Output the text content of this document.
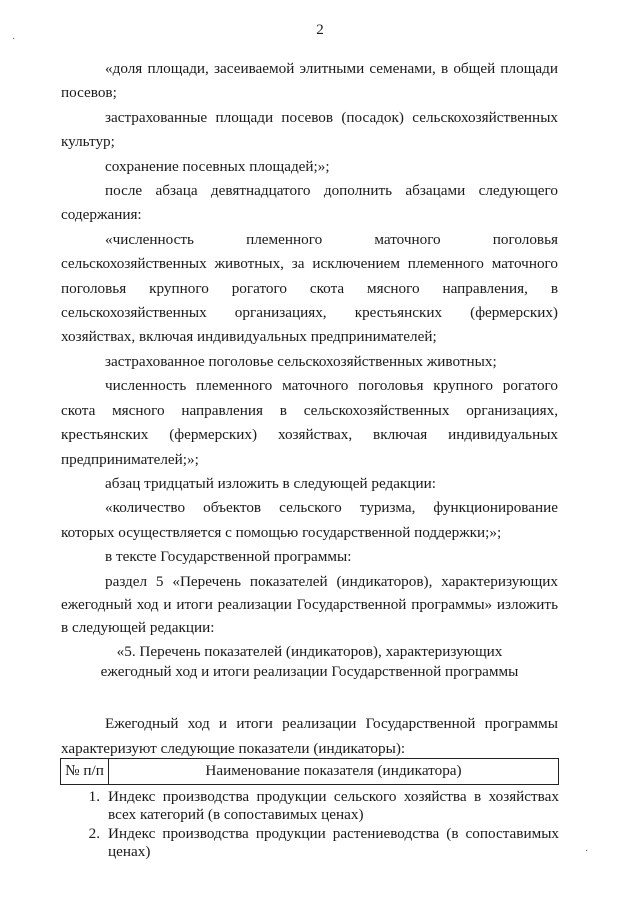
2
·
·

«доля площади, засеиваемой элитными семенами, в общей площади посевов;

застрахованные площади посевов (посадок) сельскохозяйственных культур;

сохранение посевных площадей;»;

после абзаца девятнадцатого дополнить абзацами следующего содержания:

«численность племенного маточного поголовья сельскохозяйственных животных, за исключением племенного маточного поголовья крупного рогатого скота мясного направления, в сельскохозяйственных организациях, крестьянских (фермерских) хозяйствах, включая индивидуальных предпринимателей;

застрахованное поголовье сельскохозяйственных животных;

численность племенного маточного поголовья крупного рогатого скота мясного направления в сельскохозяйственных организациях, крестьянских (фермерских) хозяйствах, включая индивидуальных предпринимателей;»;

абзац тридцатый изложить в следующей редакции:

«количество объектов сельского туризма, функционирование которых осуществляется с помощью государственной поддержки;»;

в тексте Государственной программы:

раздел 5 «Перечень показателей (индикаторов), характеризующих ежегодный ход и итоги реализации Государственной программы» изложить в следующей редакции:

«5. Перечень показателей (индикаторов), характеризующих
ежегодный ход и итоги реализации Государственной программы

Ежегодный ход и итоги реализации Государственной программы характеризуют следующие показатели (индикаторы):

№ п/п	Наименование показателя (индикатора)
1. Индекс производства продукции сельского хозяйства в хозяйствах всех категорий (в сопоставимых ценах)
2. Индекс производства продукции растениеводства (в сопоставимых ценах)
